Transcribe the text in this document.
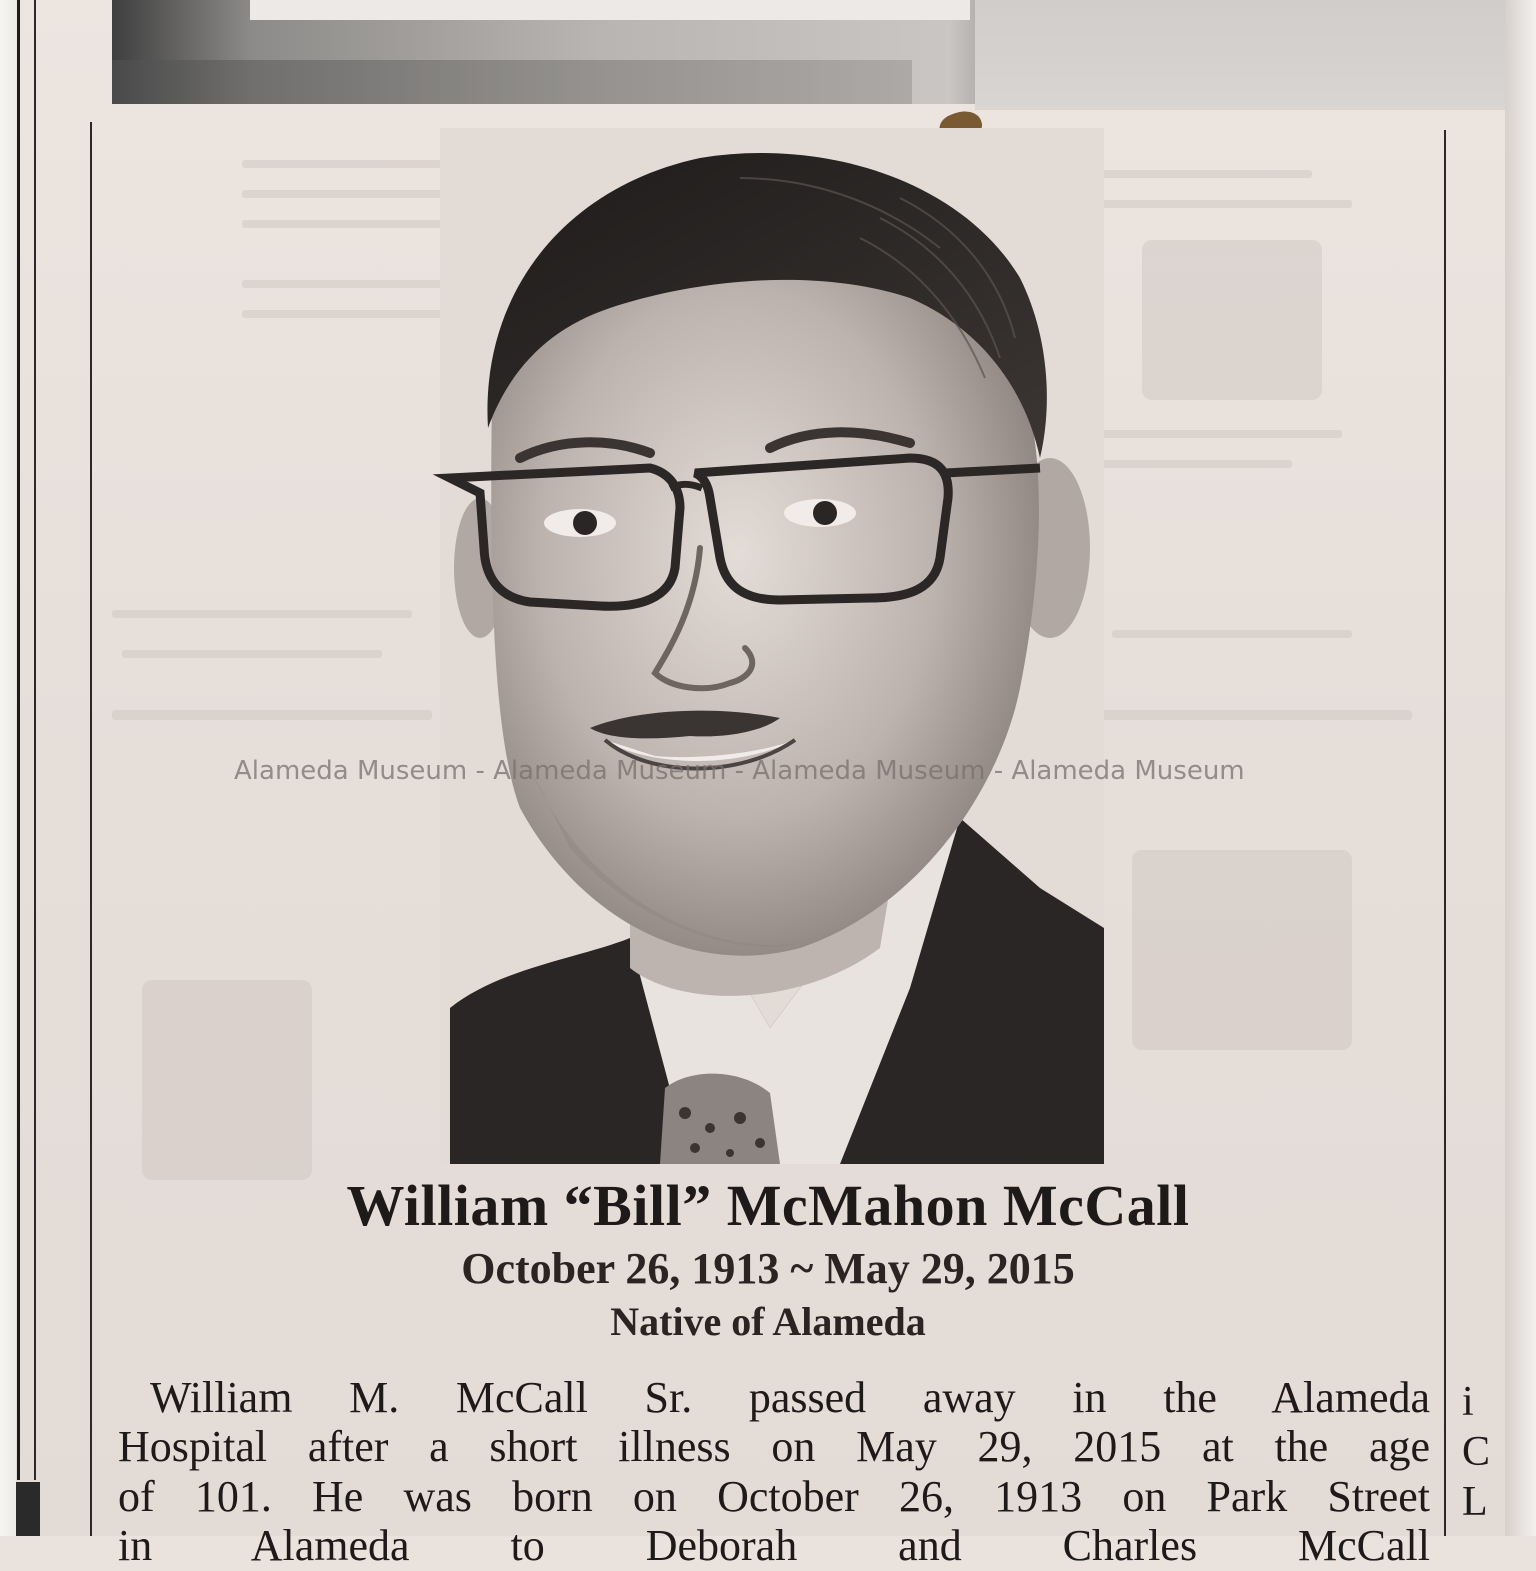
Alameda Museum - Alameda Museum - Alameda Museum - Alameda Museum
William “Bill” McMahon McCall
October 26, 1913 ~ May 29, 2015
Native of Alameda
William M. McCall Sr. passed away in the Alameda
Hospital after a short illness on May 29, 2015 at the age
of 101. He was born on October 26, 1913 on Park Street
in Alameda to Deborah and Charles McCall
i
C
L
